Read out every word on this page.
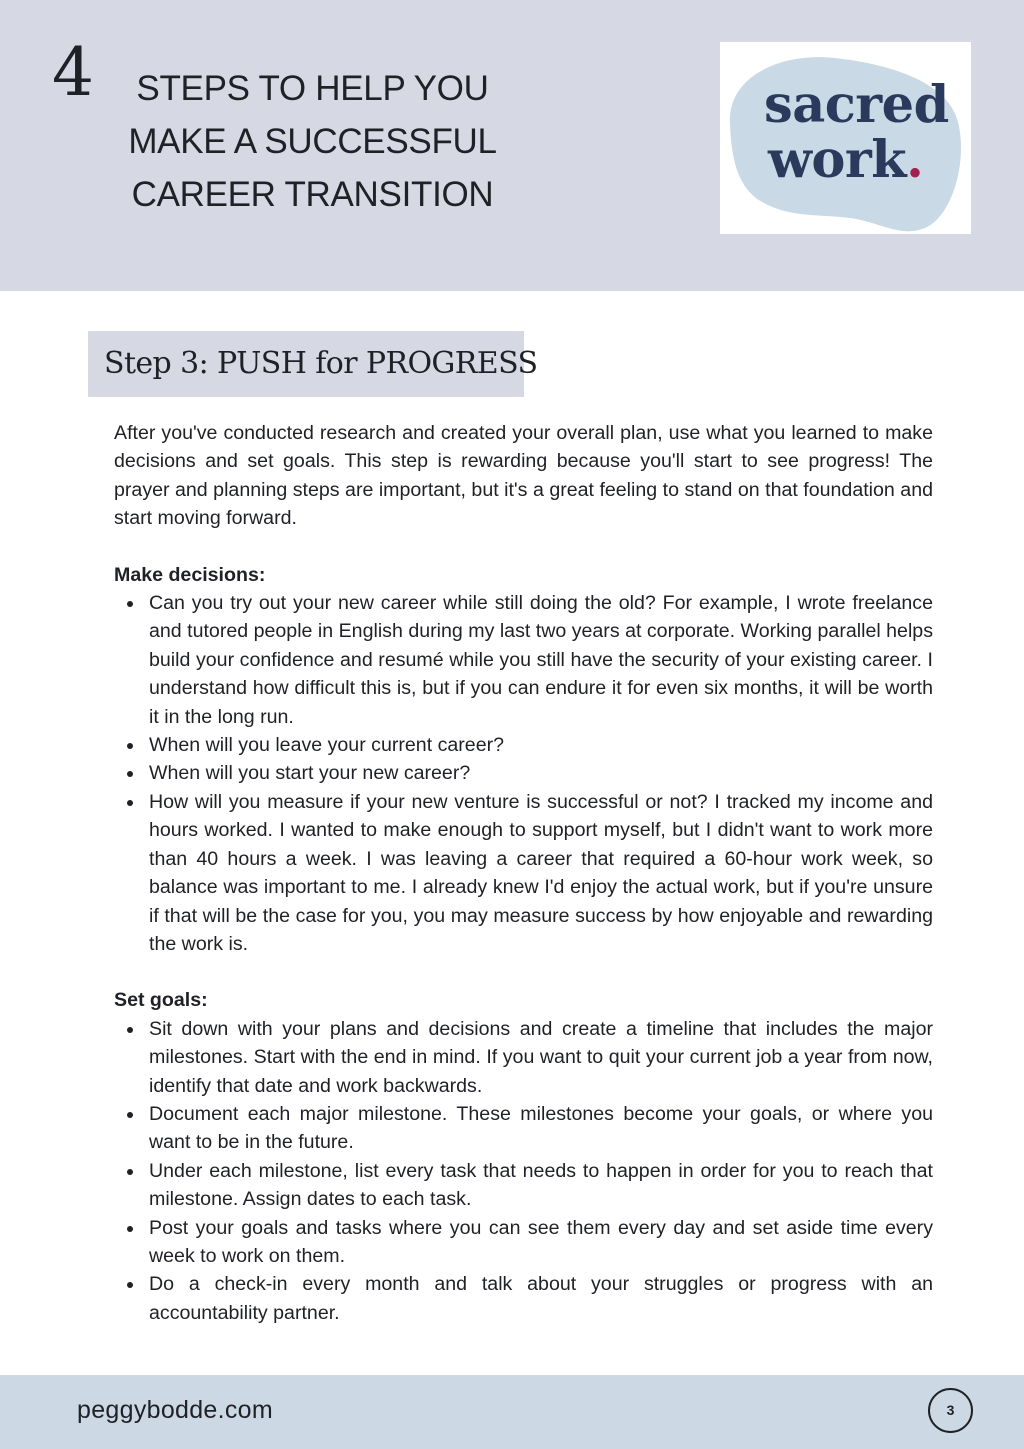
4	STEPS TO HELP YOU
MAKE A SUCCESSFUL
CAREER TRANSITION
sacred
work.
Step 3: PUSH for PROGRESS

After you've conducted research and created your overall plan, use what you learned to make decisions and set goals. This step is rewarding because you'll start to see progress! The prayer and planning steps are important, but it's a great feeling to stand on that foundation and start moving forward.

Make decisions:

Can you try out your new career while still doing the old? For example, I wrote freelance and tutored people in English during my last two years at corporate. Working parallel helps build your confidence and resumé while you still have the security of your existing career. I understand how difficult this is, but if you can endure it for even six months, it will be worth it in the long run.
When will you leave your current career?
When will you start your new career?
How will you measure if your new venture is successful or not? I tracked my income and hours worked. I wanted to make enough to support myself, but I didn't want to work more than 40 hours a week. I was leaving a career that required a 60-hour work week, so balance was important to me. I already knew I'd enjoy the actual work, but if you're unsure if that will be the case for you, you may measure success by how enjoyable and rewarding the work is.

Set goals:

Sit down with your plans and decisions and create a timeline that includes the major milestones. Start with the end in mind. If you want to quit your current job a year from now, identify that date and work backwards.
Document each major milestone. These milestones become your goals, or where you want to be in the future.
Under each milestone, list every task that needs to happen in order for you to reach that milestone. Assign dates to each task.
Post your goals and tasks where you can see them every day and set aside time every week to work on them.
Do a check-in every month and talk about your struggles or progress with an accountability partner.
peggybodde.com	3
